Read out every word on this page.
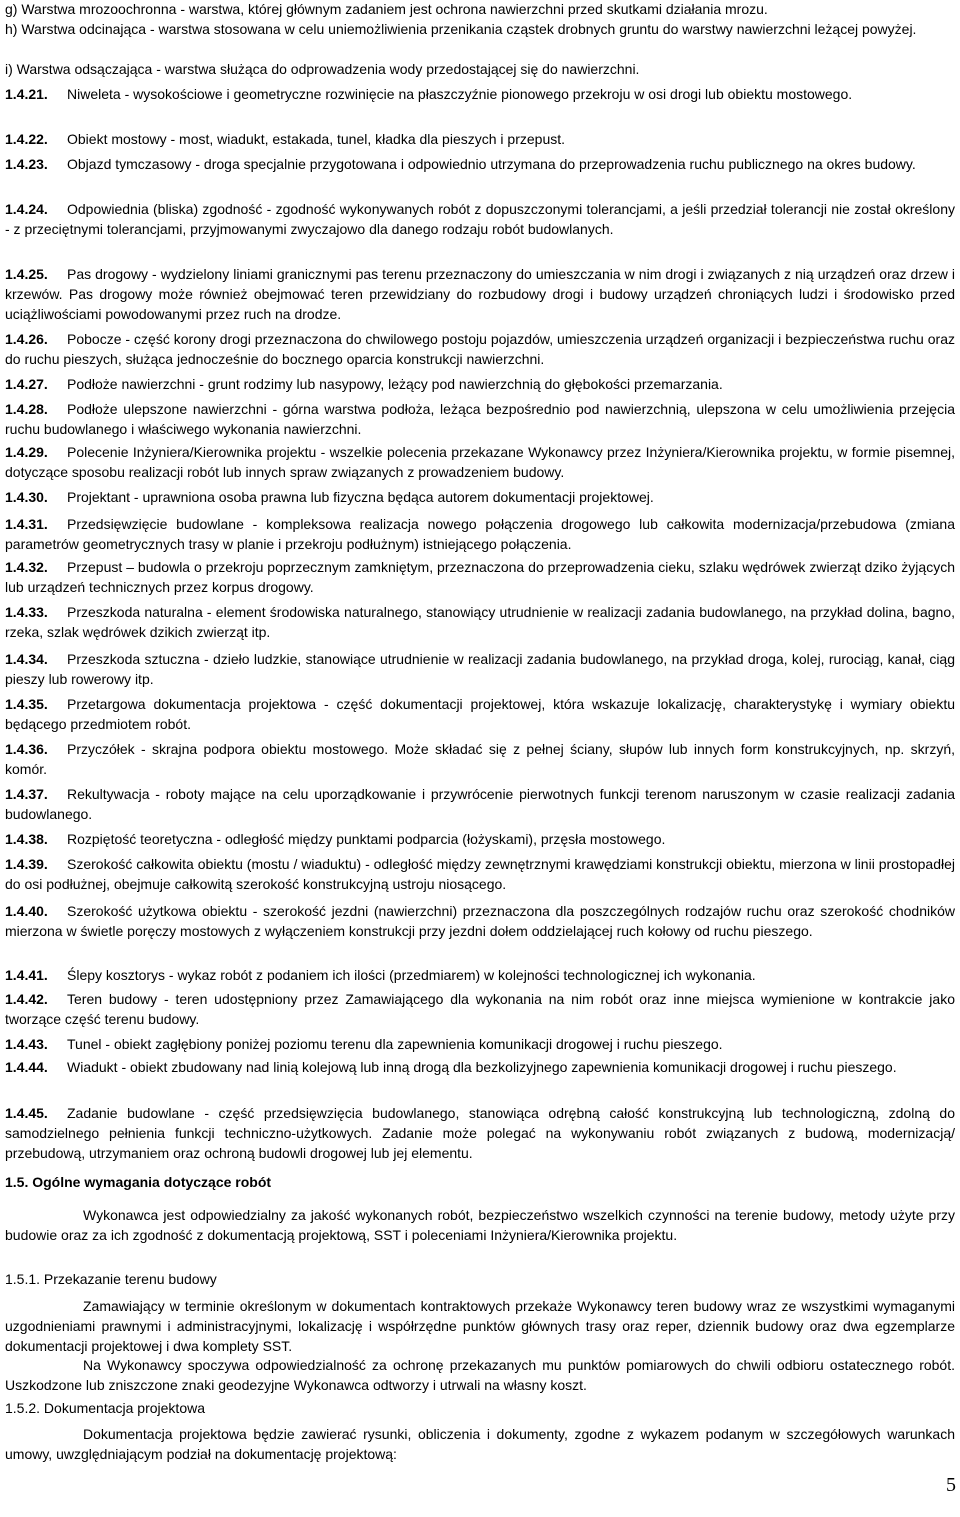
g) Warstwa mrozoochronna - warstwa, której głównym zadaniem jest ochrona nawierzchni przed skutkami działania mrozu.

h) Warstwa odcinająca - warstwa stosowana w celu uniemożliwienia przenikania cząstek drobnych gruntu do warstwy nawierzchni leżącej powyżej.

i) Warstwa odsączająca - warstwa służąca do odprowadzenia wody przedostającej się do nawierzchni.

1.4.21. Niweleta - wysokościowe i geometryczne rozwinięcie na płaszczyźnie pionowego przekroju w osi drogi lub obiektu mostowego.

1.4.22. Obiekt mostowy - most, wiadukt, estakada, tunel, kładka dla pieszych i przepust.

1.4.23. Objazd tymczasowy - droga specjalnie przygotowana i odpowiednio utrzymana do przeprowadzenia ruchu publicznego na okres budowy.

1.4.24. Odpowiednia (bliska) zgodność - zgodność wykonywanych robót z dopuszczonymi tolerancjami, a jeśli przedział tolerancji nie został określony - z przeciętnymi tolerancjami, przyjmowanymi zwyczajowo dla danego rodzaju robót budowlanych.

1.4.25. Pas drogowy - wydzielony liniami granicznymi pas terenu przeznaczony do umieszczania w nim drogi i związanych z nią urządzeń oraz drzew i krzewów. Pas drogowy może również obejmować teren przewidziany do rozbudowy drogi i budowy urządzeń chroniących ludzi i środowisko przed uciążliwościami powodowanymi przez ruch na drodze.

1.4.26. Pobocze - część korony drogi przeznaczona do chwilowego postoju pojazdów, umieszczenia urządzeń organizacji i bezpieczeństwa ruchu oraz do ruchu pieszych, służąca jednocześnie do bocznego oparcia konstrukcji nawierzchni.

1.4.27. Podłoże nawierzchni - grunt rodzimy lub nasypowy, leżący pod nawierzchnią do głębokości przemarzania.

1.4.28. Podłoże ulepszone nawierzchni - górna warstwa podłoża, leżąca bezpośrednio pod nawierzchnią, ulepszona w celu umożliwienia przejęcia ruchu budowlanego i właściwego wykonania nawierzchni.

1.4.29. Polecenie Inżyniera/Kierownika projektu - wszelkie polecenia przekazane Wykonawcy przez Inżyniera/Kierownika projektu, w formie pisemnej, dotyczące sposobu realizacji robót lub innych spraw związanych z prowadzeniem budowy.

1.4.30. Projektant - uprawniona osoba prawna lub fizyczna będąca autorem dokumentacji projektowej.

1.4.31. Przedsięwzięcie budowlane - kompleksowa realizacja nowego połączenia drogowego lub całkowita modernizacja/przebudowa (zmiana parametrów geometrycznych trasy w planie i przekroju podłużnym) istniejącego połączenia.

1.4.32. Przepust – budowla o przekroju poprzecznym zamkniętym, przeznaczona do przeprowadzenia cieku, szlaku wędrówek zwierząt dziko żyjących lub urządzeń technicznych przez korpus drogowy.

1.4.33. Przeszkoda naturalna - element środowiska naturalnego, stanowiący utrudnienie w realizacji zadania budowlanego, na przykład dolina, bagno, rzeka, szlak wędrówek dzikich zwierząt itp.

1.4.34. Przeszkoda sztuczna - dzieło ludzkie, stanowiące utrudnienie w realizacji zadania budowlanego, na przykład droga, kolej, rurociąg, kanał, ciąg pieszy lub rowerowy itp.

1.4.35. Przetargowa dokumentacja projektowa - część dokumentacji projektowej, która wskazuje lokalizację, charakterystykę i wymiary obiektu będącego przedmiotem robót.

1.4.36. Przyczółek - skrajna podpora obiektu mostowego. Może składać się z pełnej ściany, słupów lub innych form konstrukcyjnych, np. skrzyń, komór.

1.4.37. Rekultywacja - roboty mające na celu uporządkowanie i przywrócenie pierwotnych funkcji terenom naruszonym w czasie realizacji zadania budowlanego.

1.4.38. Rozpiętość teoretyczna - odległość między punktami podparcia (łożyskami), przęsła mostowego.

1.4.39. Szerokość całkowita obiektu (mostu / wiaduktu) - odległość między zewnętrznymi krawędziami konstrukcji obiektu, mierzona w linii prostopadłej do osi podłużnej, obejmuje całkowitą szerokość konstrukcyjną ustroju niosącego.

1.4.40. Szerokość użytkowa obiektu - szerokość jezdni (nawierzchni) przeznaczona dla poszczególnych rodzajów ruchu oraz szerokość chodników mierzona w świetle poręczy mostowych z wyłączeniem konstrukcji przy jezdni dołem oddzielającej ruch kołowy od ruchu pieszego.

1.4.41. Ślepy kosztorys - wykaz robót z podaniem ich ilości (przedmiarem) w kolejności technologicznej ich wykonania.

1.4.42. Teren budowy - teren udostępniony przez Zamawiającego dla wykonania na nim robót oraz inne miejsca wymienione w kontrakcie jako tworzące część terenu budowy.

1.4.43. Tunel - obiekt zagłębiony poniżej poziomu terenu dla zapewnienia komunikacji drogowej i ruchu pieszego.

1.4.44. Wiadukt - obiekt zbudowany nad linią kolejową lub inną drogą dla bezkolizyjnego zapewnienia komunikacji drogowej i ruchu pieszego.

1.4.45. Zadanie budowlane - część przedsięwzięcia budowlanego, stanowiąca odrębną całość konstrukcyjną lub technologiczną, zdolną do samodzielnego pełnienia funkcji techniczno-użytkowych. Zadanie może polegać na wykonywaniu robót związanych z budową, modernizacją/ przebudową, utrzymaniem oraz ochroną budowli drogowej lub jej elementu.

1.5. Ogólne wymagania dotyczące robót

Wykonawca jest odpowiedzialny za jakość wykonanych robót, bezpieczeństwo wszelkich czynności na terenie budowy, metody użyte przy budowie oraz za ich zgodność z dokumentacją projektową, SST i poleceniami Inżyniera/Kierownika projektu.

1.5.1. Przekazanie terenu budowy

Zamawiający w terminie określonym w dokumentach kontraktowych przekaże Wykonawcy teren budowy wraz ze wszystkimi wymaganymi uzgodnieniami prawnymi i administracyjnymi, lokalizację i współrzędne punktów głównych trasy oraz reper, dziennik budowy oraz dwa egzemplarze dokumentacji projektowej i dwa komplety SST.

Na Wykonawcy spoczywa odpowiedzialność za ochronę przekazanych mu punktów pomiarowych do chwili odbioru ostatecznego robót. Uszkodzone lub zniszczone znaki geodezyjne Wykonawca odtworzy i utrwali na własny koszt.

1.5.2. Dokumentacja projektowa

Dokumentacja projektowa będzie zawierać rysunki, obliczenia i dokumenty, zgodne z wykazem podanym w szczegółowych warunkach umowy, uwzględniającym podział na dokumentację projektową:

5
